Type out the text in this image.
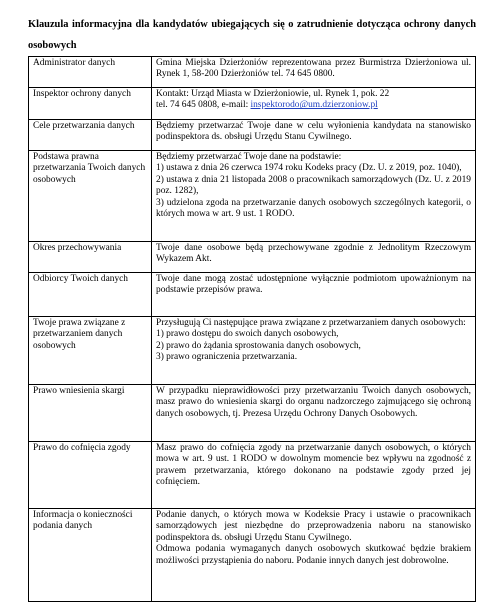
Klauzula informacyjna dla kandydatów ubiegających się o zatrudnienie dotycząca ochrony danych osobowych
Administrator danych	Gmina Miejska Dzierżoniów reprezentowana przez Burmistrza Dzierżoniowa ul. Rynek 1, 58-200 Dzierżoniów tel. 74 645 0800.
Inspektor ochrony danych	Kontakt: Urząd Miasta w Dzierżoniowie, ul. Rynek 1, pok. 22
tel. 74 645 0808, e-mail: inspektorodo@um.dzierzoniow.pl

Cele przetwarzania danych	Będziemy przetwarzać Twoje dane w celu wyłonienia kandydata na stanowisko podinspektora ds. obsługi Urzędu Stanu Cywilnego.
Podstawa prawna przetwarzania Twoich danych osobowych	Będziemy przetwarzać Twoje dane na podstawie:
1) ustawa z dnia 26 czerwca 1974 roku Kodeks pracy (Dz. U. z 2019, poz. 1040),
2) ustawa z dnia 21 listopada 2008 o pracownikach samorządowych (Dz. U. z 2019 poz. 1282),
3) udzielona zgoda na przetwarzanie danych osobowych szczególnych kategorii, o których mowa w art. 9 ust. 1 RODO.

Okres przechowywania	Twoje dane osobowe będą przechowywane zgodnie z Jednolitym Rzeczowym Wykazem Akt.
Odbiorcy Twoich danych	Twoje dane mogą zostać udostępnione wyłącznie podmiotom upoważnionym na podstawie przepisów prawa.
Twoje prawa związane z przetwarzaniem danych osobowych	Przysługują Ci następujące prawa związane z przetwarzaniem danych osobowych:
1) prawo dostępu do swoich danych osobowych,
2) prawo do żądania sprostowania danych osobowych,
3) prawo ograniczenia przetwarzania.

Prawo wniesienia skargi	W przypadku nieprawidłowości przy przetwarzaniu Twoich danych osobowych, masz prawo do wniesienia skargi do organu nadzorczego zajmującego się ochroną danych osobowych, tj. Prezesa Urzędu Ochrony Danych Osobowych.
Prawo do cofnięcia zgody	Masz prawo do cofnięcia zgody na przetwarzanie danych osobowych, o których mowa w art. 9 ust. 1 RODO w dowolnym momencie bez wpływu na zgodność z prawem przetwarzania, którego dokonano na podstawie zgody przed jej cofnięciem.
Informacja o konieczności podania danych	Podanie danych, o których mowa w Kodeksie Pracy i ustawie o pracownikach samorządowych jest niezbędne do przeprowadzenia naboru na stanowisko podinspektora ds. obsługi Urzędu Stanu Cywilnego.
Odmowa podania wymaganych danych osobowych skutkować będzie brakiem możliwości przystąpienia do naboru. Podanie innych danych jest dobrowolne.
